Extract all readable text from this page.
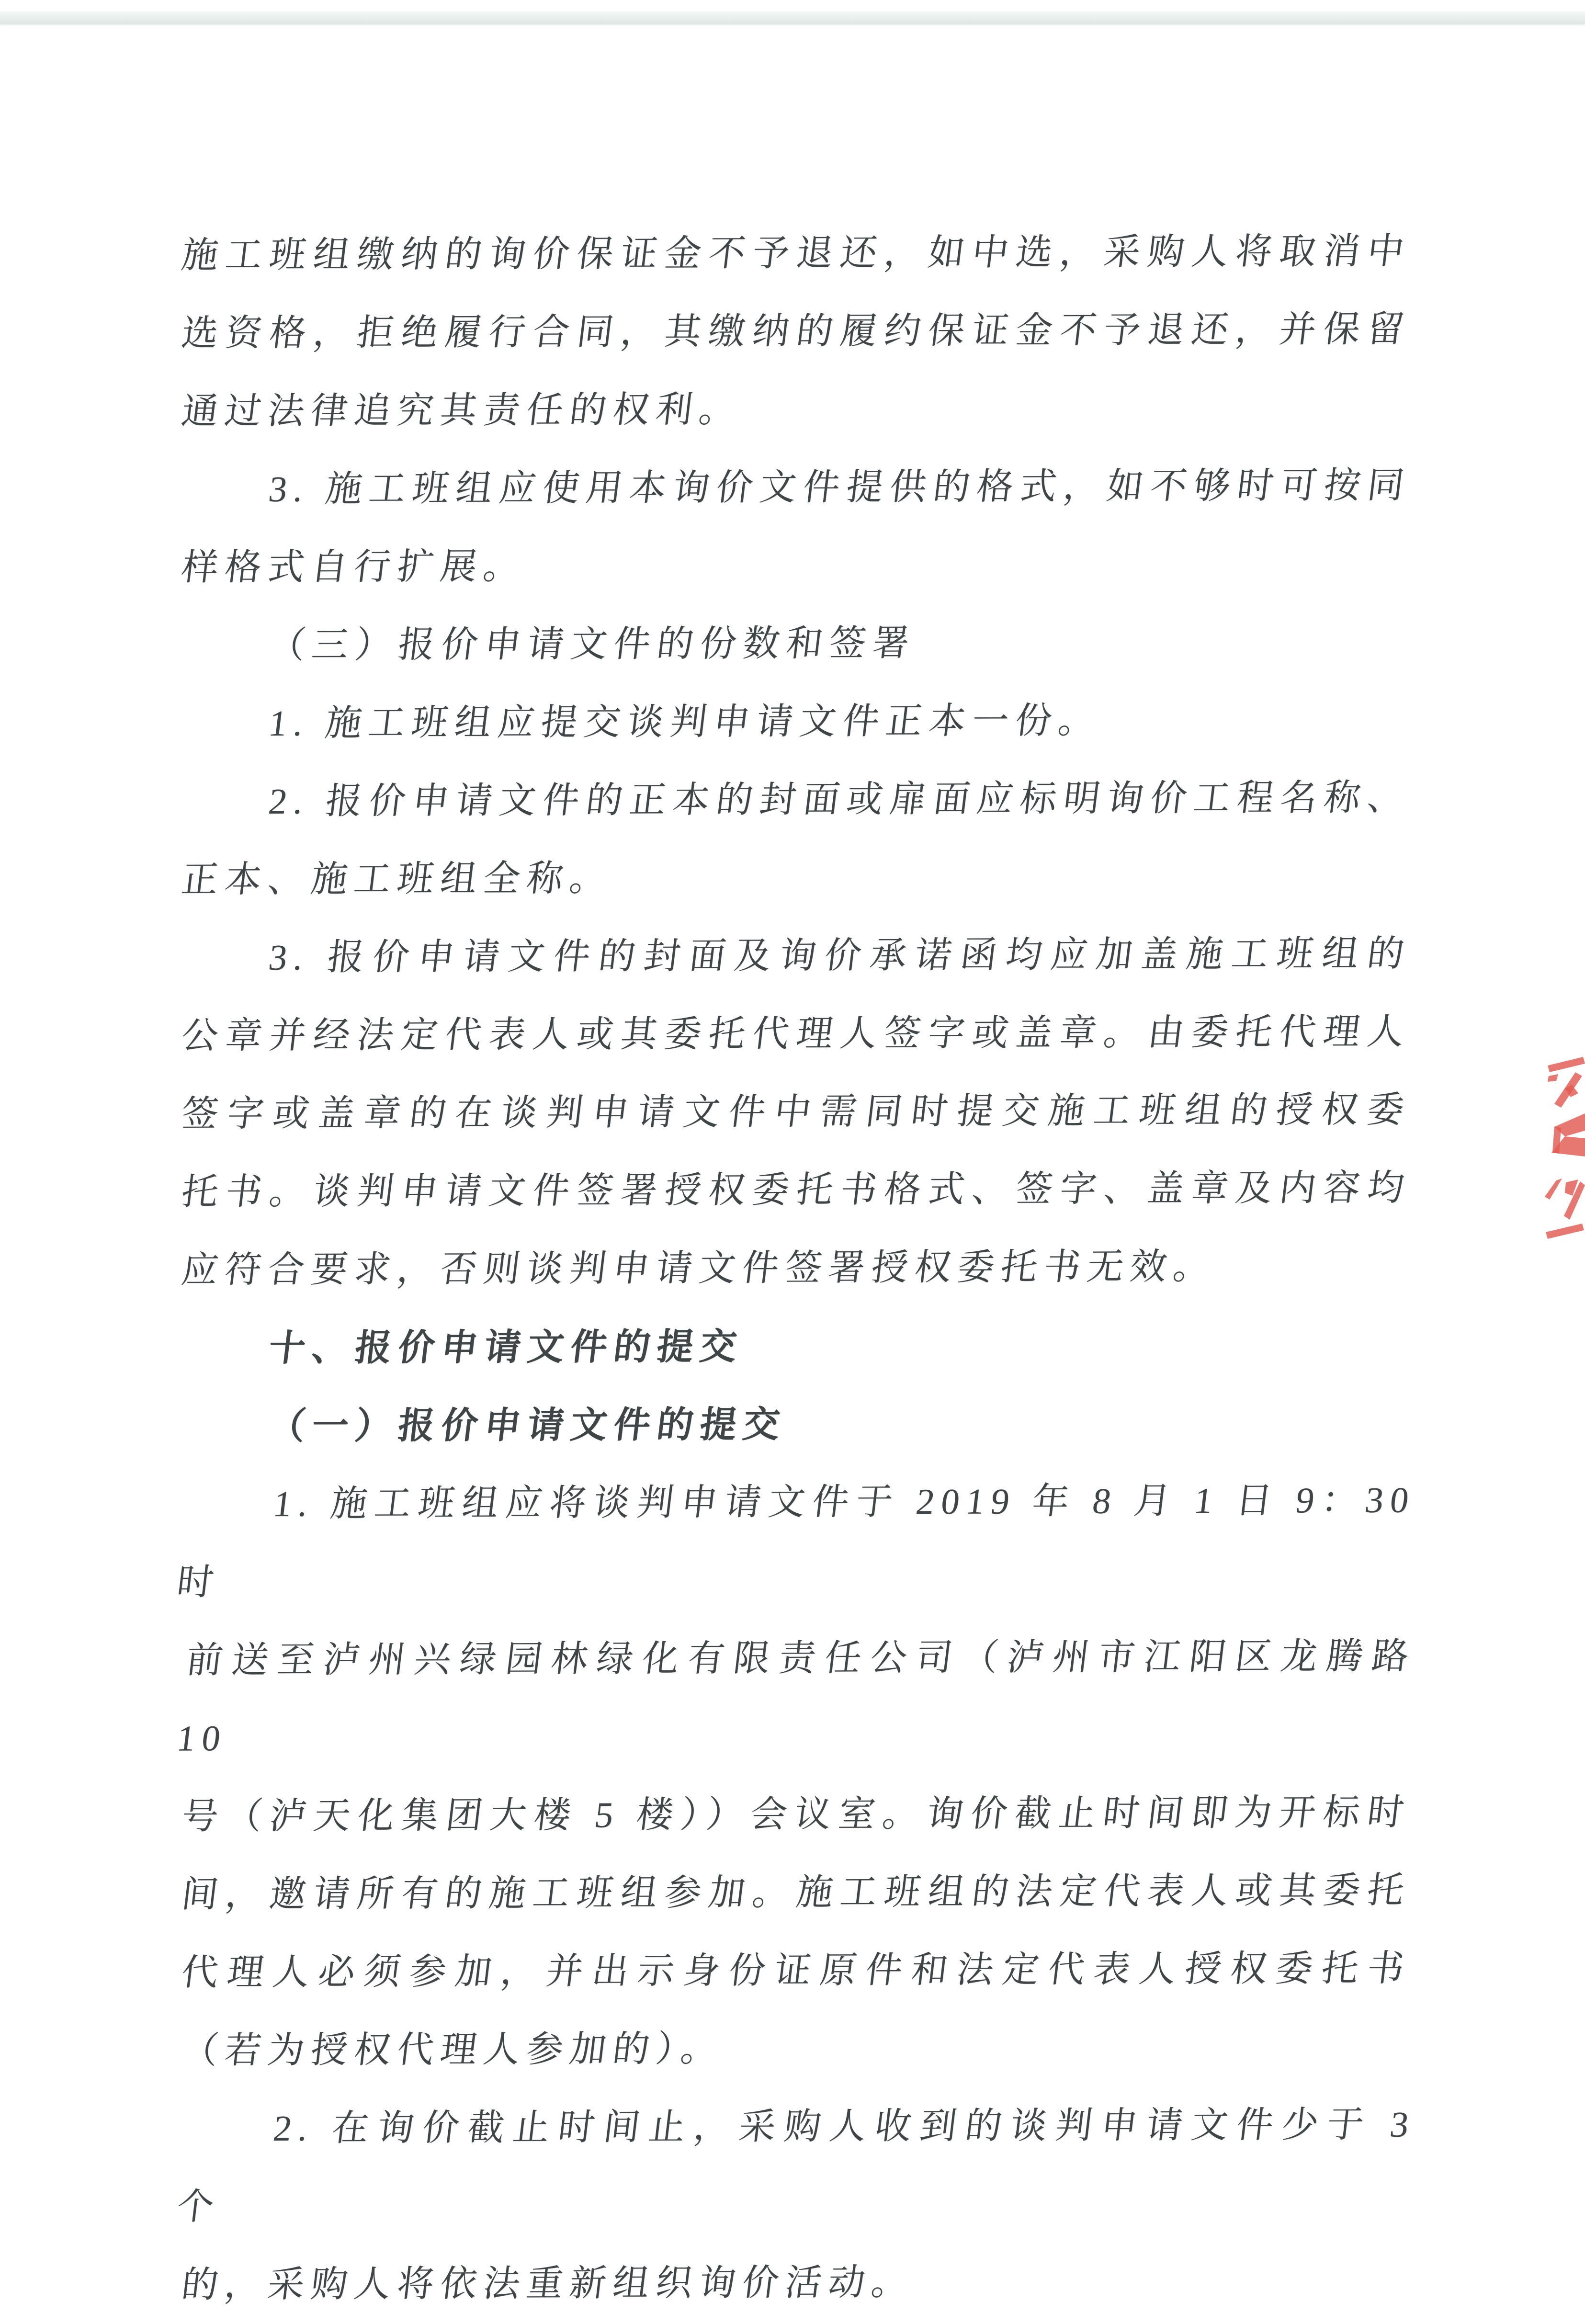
施工班组缴纳的询价保证金不予退还，如中选，采购人将取消中
选资格，拒绝履行合同，其缴纳的履约保证金不予退还，并保留
通过法律追究其责任的权利。
3. 施工班组应使用本询价文件提供的格式，如不够时可按同
样格式自行扩展。
（三）报价申请文件的份数和签署
1. 施工班组应提交谈判申请文件正本一份。
2. 报价申请文件的正本的封面或扉面应标明询价工程名称、
正本、施工班组全称。
3. 报价申请文件的封面及询价承诺函均应加盖施工班组的
公章并经法定代表人或其委托代理人签字或盖章。由委托代理人
签字或盖章的在谈判申请文件中需同时提交施工班组的授权委
托书。谈判申请文件签署授权委托书格式、签字、盖章及内容均
应符合要求，否则谈判申请文件签署授权委托书无效。
十、报价申请文件的提交
（一）报价申请文件的提交
1. 施工班组应将谈判申请文件于 2019 年 8 月 1 日 9：30 时
前送至泸州兴绿园林绿化有限责任公司（泸州市江阳区龙腾路 10
号（泸天化集团大楼 5 楼））会议室。询价截止时间即为开标时
间，邀请所有的施工班组参加。施工班组的法定代表人或其委托
代理人必须参加，并出示身份证原件和法定代表人授权委托书
（若为授权代理人参加的）。
2. 在询价截止时间止，采购人收到的谈判申请文件少于 3 个
的，采购人将依法重新组织询价活动。
